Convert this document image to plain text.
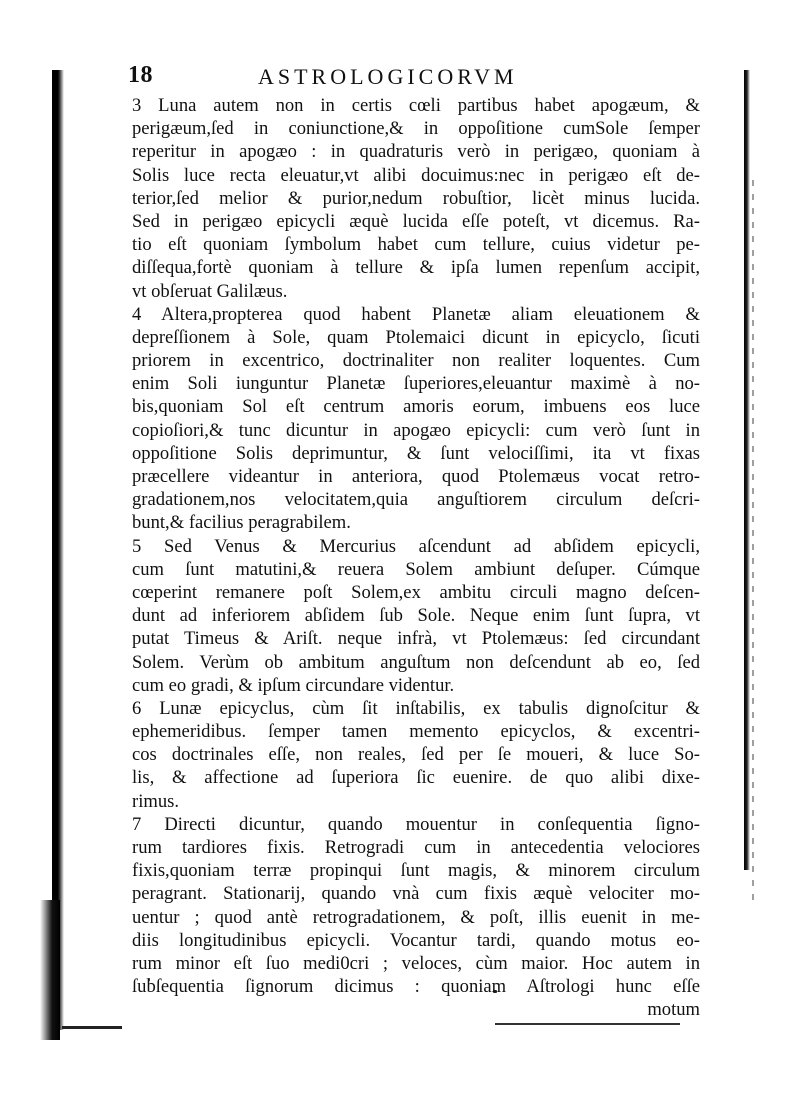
18	ASTROLOGICORVM
3 Luna autem non in certis cœli partibus habet apogæum, &
perigæum,ſed in coniunctione,& in oppoſitione cumSole ſemper
reperitur in apogæo : in quadraturis verò in perigæo, quoniam à
Solis luce recta eleuatur,vt alibi docuimus:nec in perigæo eſt de-
terior,ſed melior & purior,nedum robuſtior, licèt minus lucida.
Sed in perigæo epicycli æquè lucida eſſe poteſt, vt dicemus. Ra-
tio eſt quoniam ſymbolum habet cum tellure, cuius videtur pe-
diſſequa,fortè quoniam à tellure & ipſa lumen repenſum accipit,
vt obſeruat Galilæus.
4 Altera,propterea quod habent Planetæ aliam eleuationem &
depreſſionem à Sole, quam Ptolemaici dicunt in epicyclo, ſicuti
priorem in excentrico, doctrinaliter non realiter loquentes. Cum
enim Soli iunguntur Planetæ ſuperiores,eleuantur maximè à no-
bis,quoniam Sol eſt centrum amoris eorum, imbuens eos luce
copioſiori,& tunc dicuntur in apogæo epicycli: cum verò ſunt in
oppoſitione Solis deprimuntur, & ſunt velociſſimi, ita vt fixas
præcellere videantur in anteriora, quod Ptolemæus vocat retro-
gradationem,nos velocitatem,quia anguſtiorem circulum deſcri-
bunt,& facilius peragrabilem.
5 Sed Venus & Mercurius aſcendunt ad abſidem epicycli,
cum ſunt matutini,& reuera Solem ambiunt deſuper. Cúmque
cœperint remanere poſt Solem,ex ambitu circuli magno deſcen-
dunt ad inferiorem abſidem ſub Sole. Neque enim ſunt ſupra, vt
putat Timeus & Ariſt. neque infrà, vt Ptolemæus: ſed circundant
Solem. Verùm ob ambitum anguſtum non deſcendunt ab eo, ſed
cum eo gradi, & ipſum circundare videntur.
6 Lunæ epicyclus, cùm ſit inſtabilis, ex tabulis dignoſcitur &
ephemeridibus. ſemper tamen memento epicyclos, & excentri-
cos doctrinales eſſe, non reales, ſed per ſe moueri, & luce So-
lis, & affectione ad ſuperiora ſic euenire. de quo alibi dixe-
rimus.
7 Directi dicuntur, quando mouentur in conſequentia ſigno-
rum tardiores fixis. Retrogradi cum in antecedentia velociores
fixis,quoniam terræ propinqui ſunt magis, & minorem circulum
peragrant. Stationarij, quando vnà cum fixis æquè velociter mo-
uentur ; quod antè retrogradationem, & poſt, illis euenit in me-
diis longitudinibus epicycli. Vocantur tardi, quando motus eo-
rum minor eſt ſuo medi0cri ; veloces, cùm maior. Hoc autem in
ſubſequentia ſignorum dicimus : quoniam Aſtrologi hunc eſſe
motum
